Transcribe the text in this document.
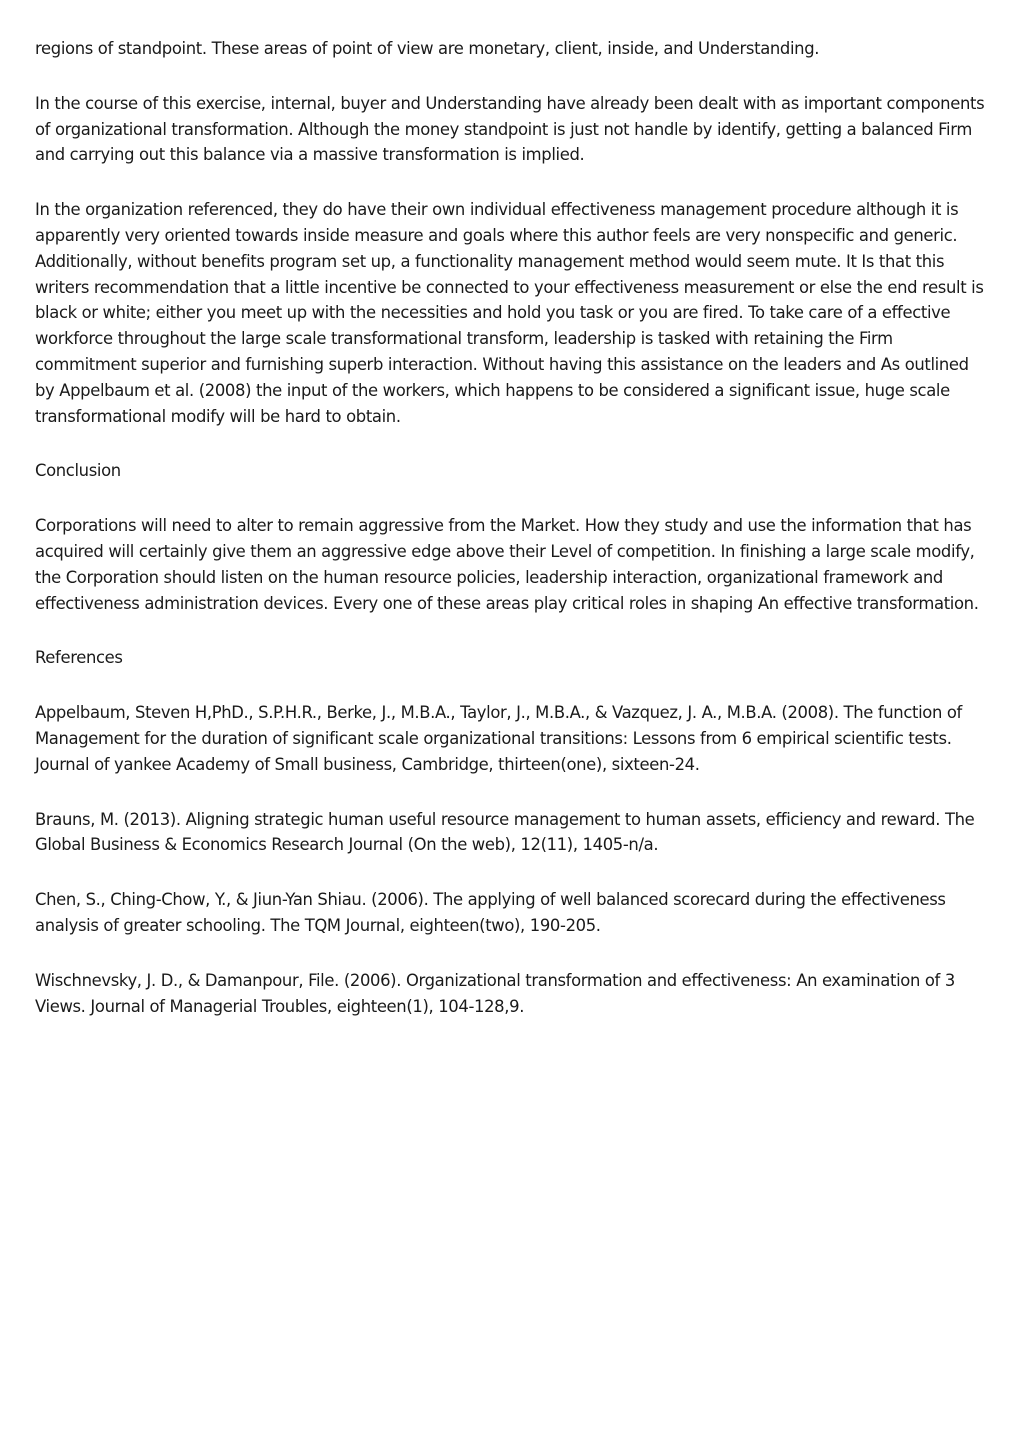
regions of standpoint. These areas of point of view are monetary, client, inside, and Understanding.

In the course of this exercise, internal, buyer and Understanding have already been dealt with as important components of organizational transformation. Although the money standpoint is just not handle by identify, getting a balanced Firm and carrying out this balance via a massive transformation is implied.

In the organization referenced, they do have their own individual effectiveness management procedure although it is apparently very oriented towards inside measure and goals where this author feels are very nonspecific and generic. Additionally, without benefits program set up, a functionality management method would seem mute. It Is that this writers recommendation that a little incentive be connected to your effectiveness measurement or else the end result is black or white; either you meet up with the necessities and hold you task or you are fired. To take care of a effective workforce throughout the large scale transformational transform, leadership is tasked with retaining the Firm commitment superior and furnishing superb interaction. Without having this assistance on the leaders and As outlined by Appelbaum et al. (2008) the input of the workers, which happens to be considered a significant issue, huge scale transformational modify will be hard to obtain.

Conclusion

Corporations will need to alter to remain aggressive from the Market. How they study and use the information that has acquired will certainly give them an aggressive edge above their Level of competition. In finishing a large scale modify, the Corporation should listen on the human resource policies, leadership interaction, organizational framework and effectiveness administration devices. Every one of these areas play critical roles in shaping An effective transformation.

References

Appelbaum, Steven H,PhD., S.P.H.R., Berke, J., M.B.A., Taylor, J., M.B.A., & Vazquez, J. A., M.B.A. (2008). The function of Management for the duration of significant scale organizational transitions: Lessons from 6 empirical scientific tests. Journal of yankee Academy of Small business, Cambridge, thirteen(one), sixteen-24.

Brauns, M. (2013). Aligning strategic human useful resource management to human assets, efficiency and reward. The Global Business & Economics Research Journal (On the web), 12(11), 1405-n/a.

Chen, S., Ching-Chow, Y., & Jiun-Yan Shiau. (2006). The applying of well balanced scorecard during the effectiveness analysis of greater schooling. The TQM Journal, eighteen(two), 190-205.

Wischnevsky, J. D., & Damanpour, File. (2006). Organizational transformation and effectiveness: An examination of 3 Views. Journal of Managerial Troubles, eighteen(1), 104-128,9.
